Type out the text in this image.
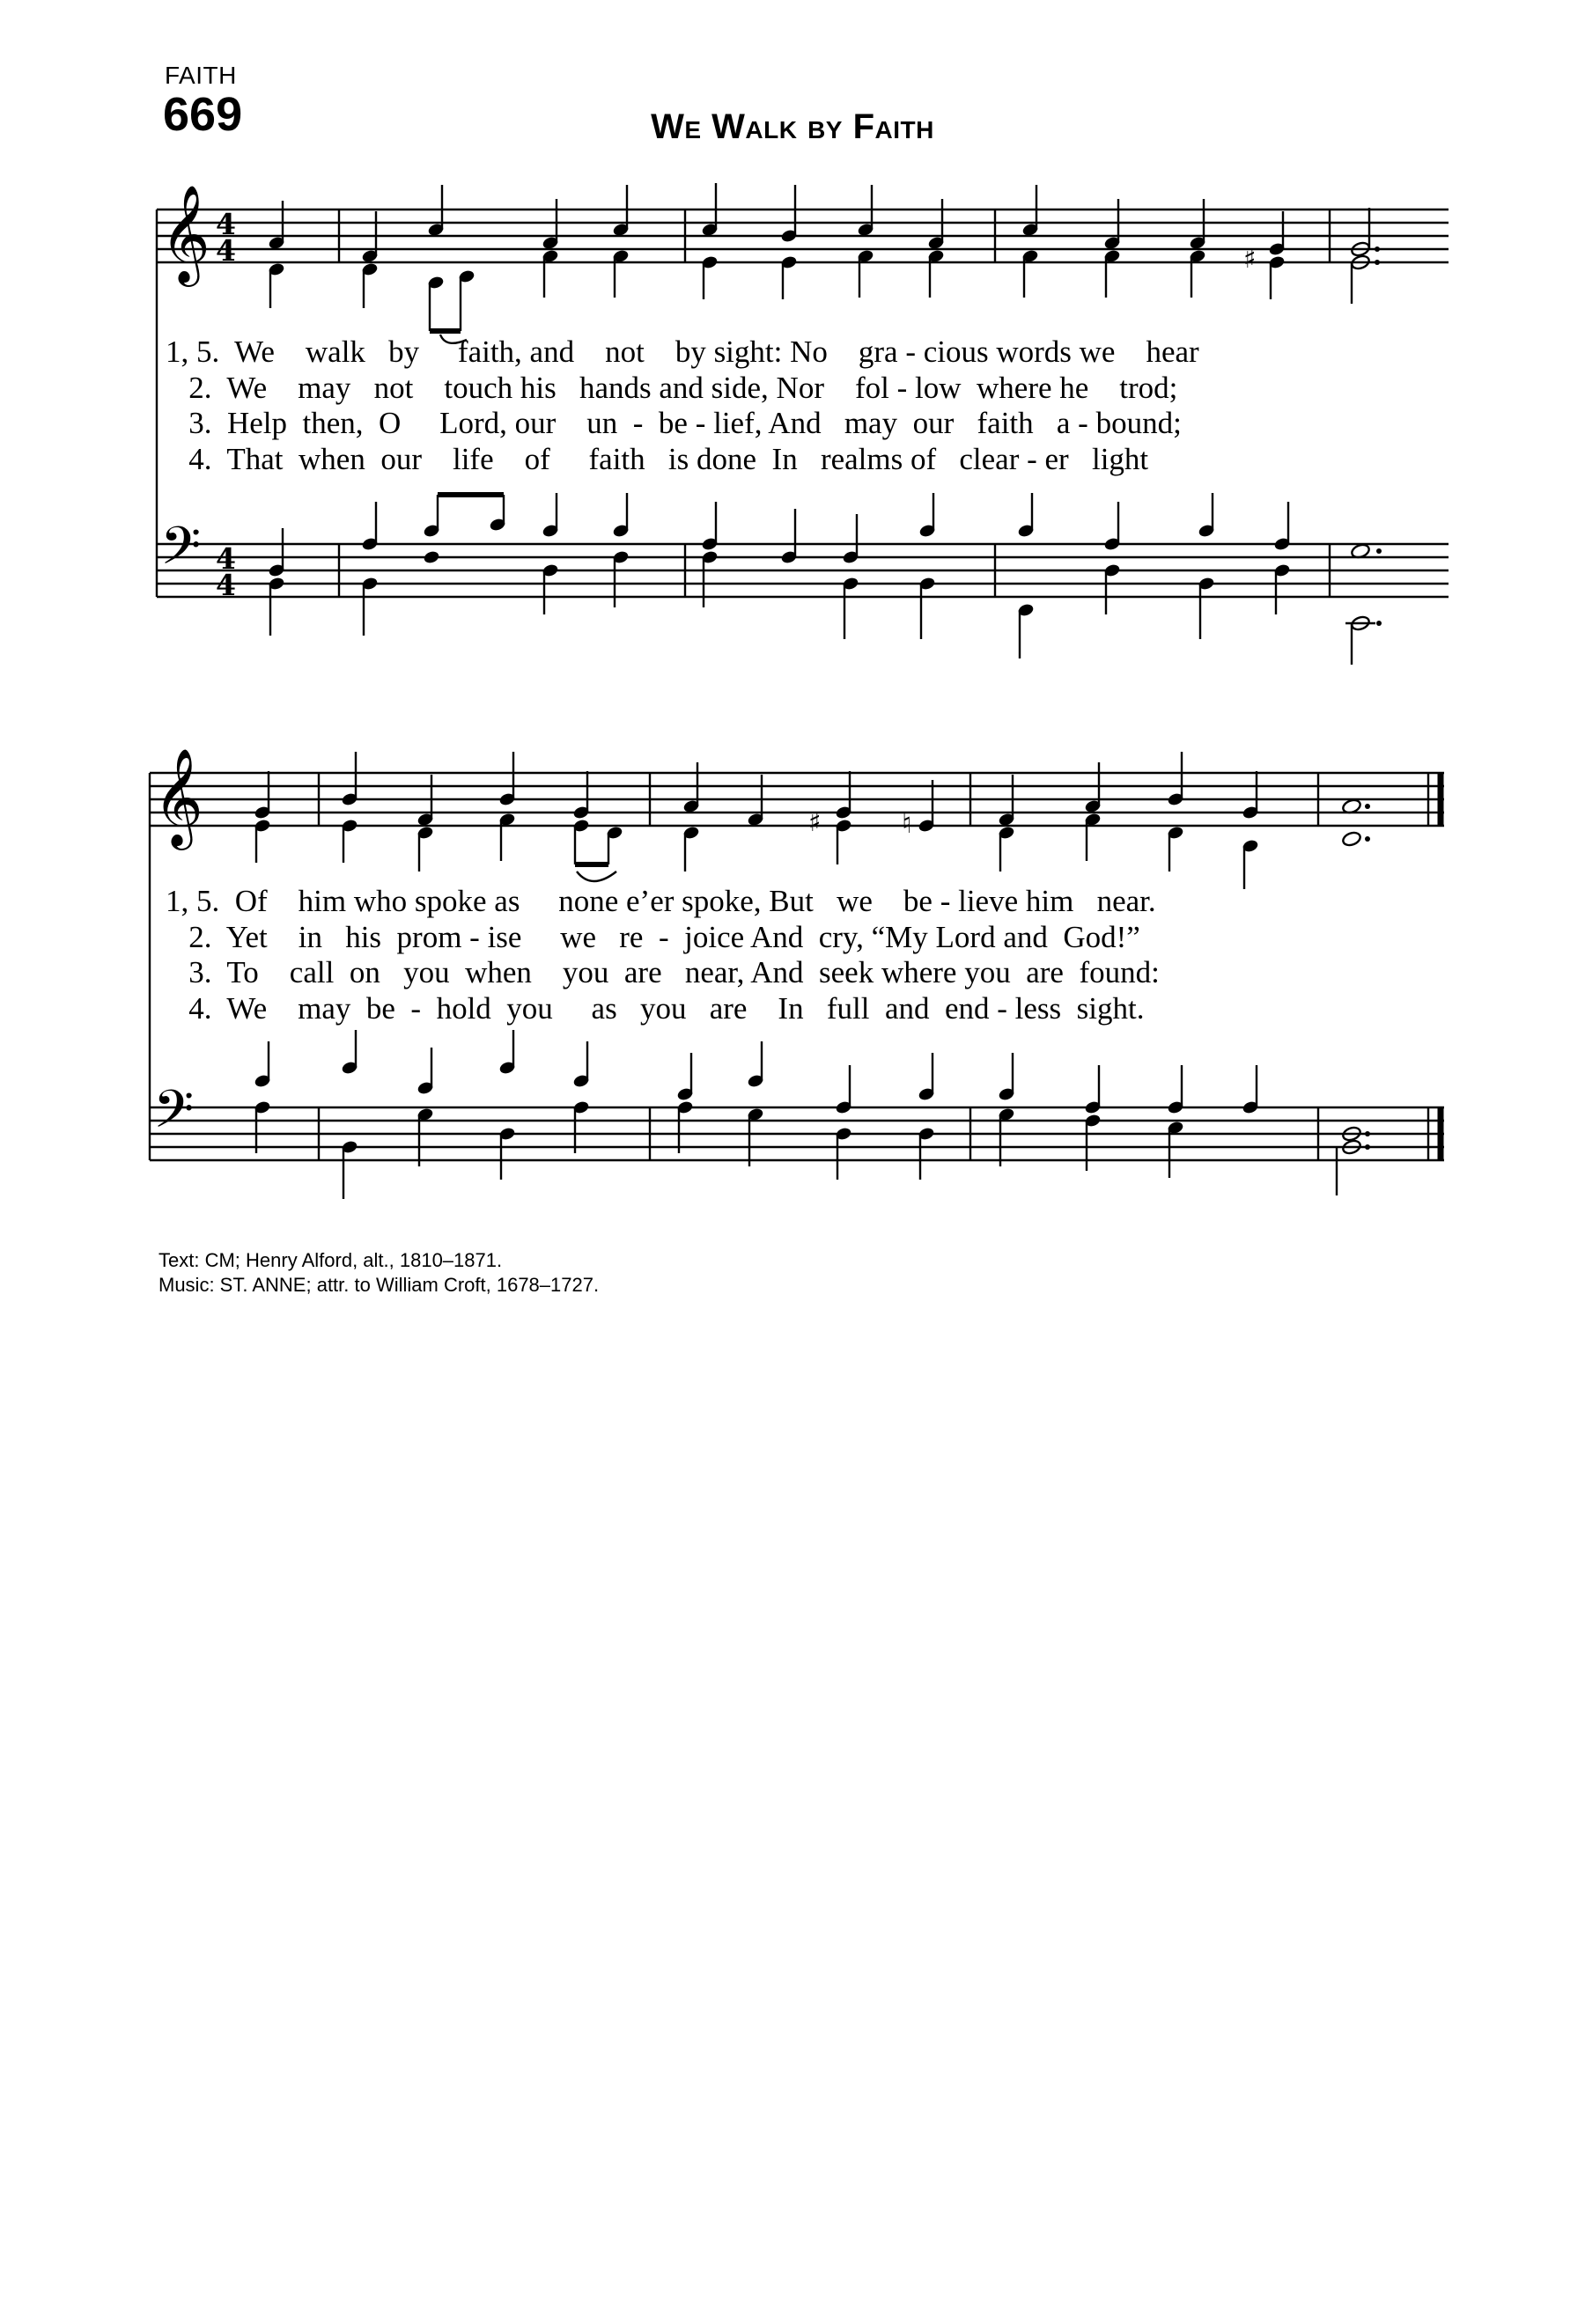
FAITH
669	We Walk by Faith
𝄞
𝄢
4
4
4
4
♯
1, 5.  We    walk   by     faith, and    not    by sight: No    gra - cious words we    hear
2.  We    may   not    touch his   hands and side, Nor    fol - low  where he    trod;
3.  Help  then,  O     Lord, our    un  -  be - lief, And   may  our   faith   a - bound;
4.  That  when  our    life    of     faith   is done  In   realms of   clear - er   light
𝄞
𝄢
♯	♮
1, 5.  Of    him who spoke as     none e’er spoke, But   we    be - lieve him   near.
2.  Yet    in   his  prom - ise     we   re  -  joice And  cry, “My Lord and  God!”
3.  To    call  on   you  when    you  are   near, And  seek where you  are  found:
4.  We    may  be  -  hold  you     as   you   are    In   full  and  end - less  sight.
Text: CM; Henry Alford, alt., 1810–1871.
Music: ST. ANNE; attr. to William Croft, 1678–1727.
